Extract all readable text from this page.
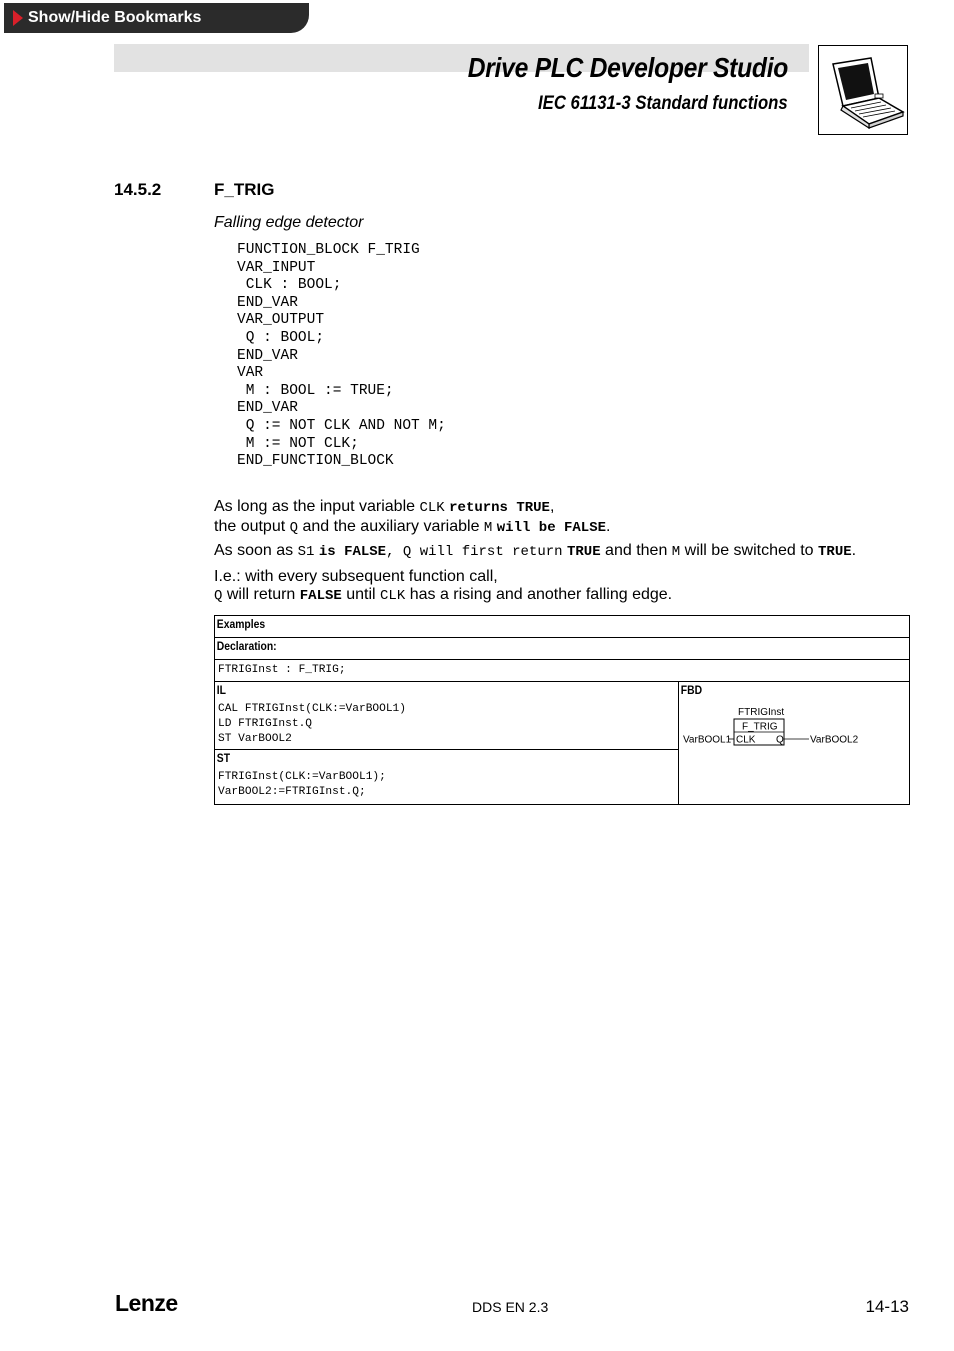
Show/Hide Bookmarks
Drive PLC Developer Studio
IEC 61131-3 Standard functions
14.5.2	F_TRIG
Falling edge detector
FUNCTION_BLOCK F_TRIG
VAR_INPUT
CLK : BOOL;
END_VAR
VAR_OUTPUT
Q : BOOL;
END_VAR
VAR
M : BOOL := TRUE;
END_VAR
Q := NOT CLK AND NOT M;
M := NOT CLK;
END_FUNCTION_BLOCK
As long as the input variable CLK returns TRUE,
the output Q and the auxiliary variable M will be FALSE.
As soon as S1 is FALSE, Q will first return TRUE and then M will be switched to TRUE.
I.e.: with every subsequent function call,
Q will return FALSE until CLK has a rising and another falling edge.
Examples
Declaration:
FTRIGInst : F_TRIG;
IL
CAL FTRIGInst(CLK:=VarBOOL1)
LD FTRIGInst.Q
ST VarBOOL2
ST
FTRIGInst(CLK:=VarBOOL1);
VarBOOL2:=FTRIGInst.Q;
FBD
FTRIGInst
F_TRIG
CLK Q
VarBOOL1	VarBOOL2
Lenze	DDS EN 2.3	14-13
